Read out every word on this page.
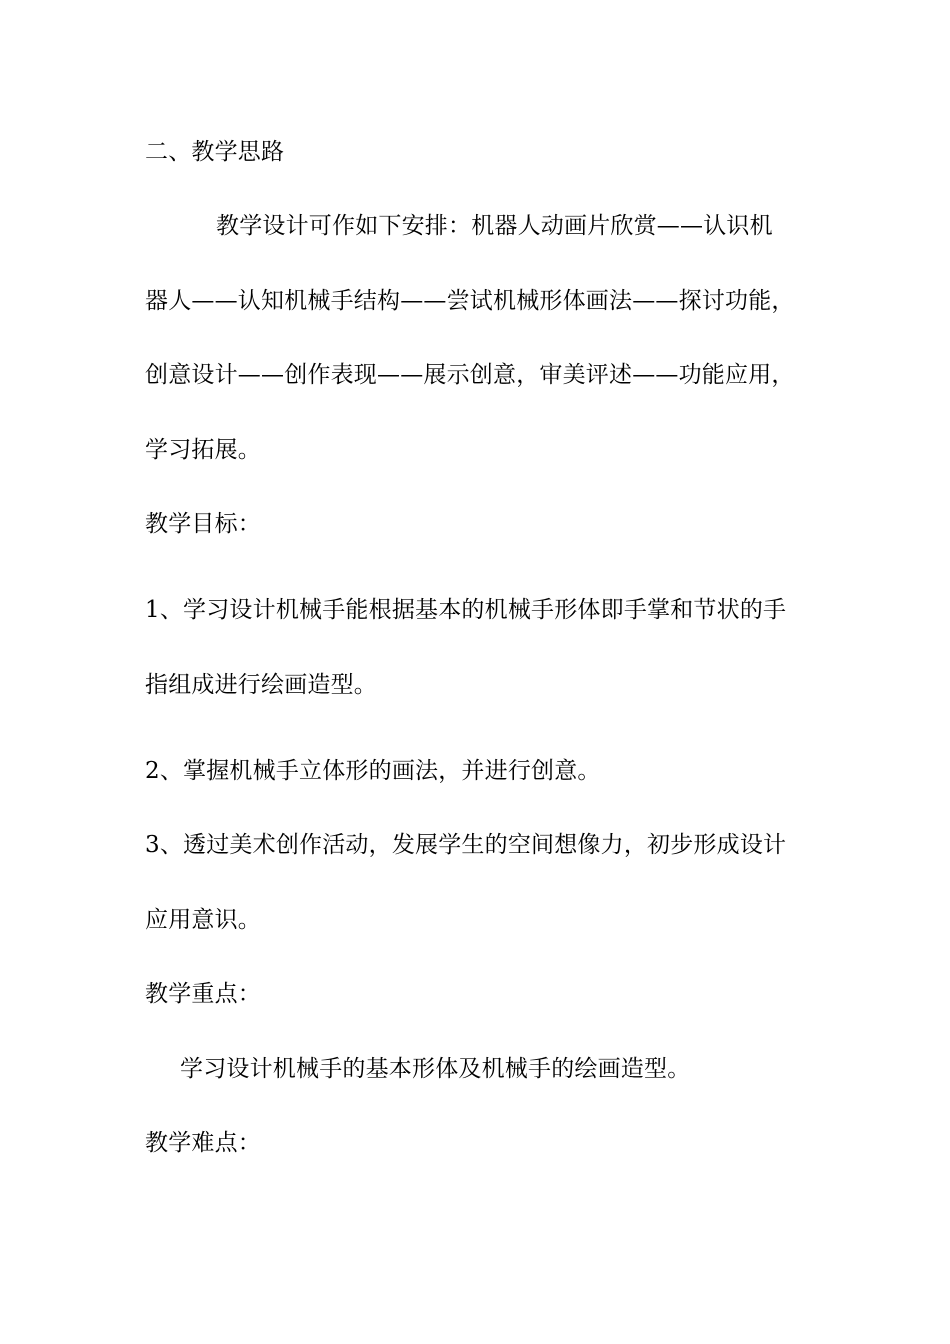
二、教学思路
教学设计可作如下安排：机器人动画片欣赏——认识机
器人——认知机械手结构——尝试机械形体画法——探讨功能，
创意设计——创作表现——展示创意，审美评述——功能应用，
学习拓展。
教学目标：
1、学习设计机械手能根据基本的机械手形体即手掌和节状的手
指组成进行绘画造型。
2、掌握机械手立体形的画法，并进行创意。
3、透过美术创作活动，发展学生的空间想像力，初步形成设计
应用意识。
教学重点：
学习设计机械手的基本形体及机械手的绘画造型。
教学难点：
